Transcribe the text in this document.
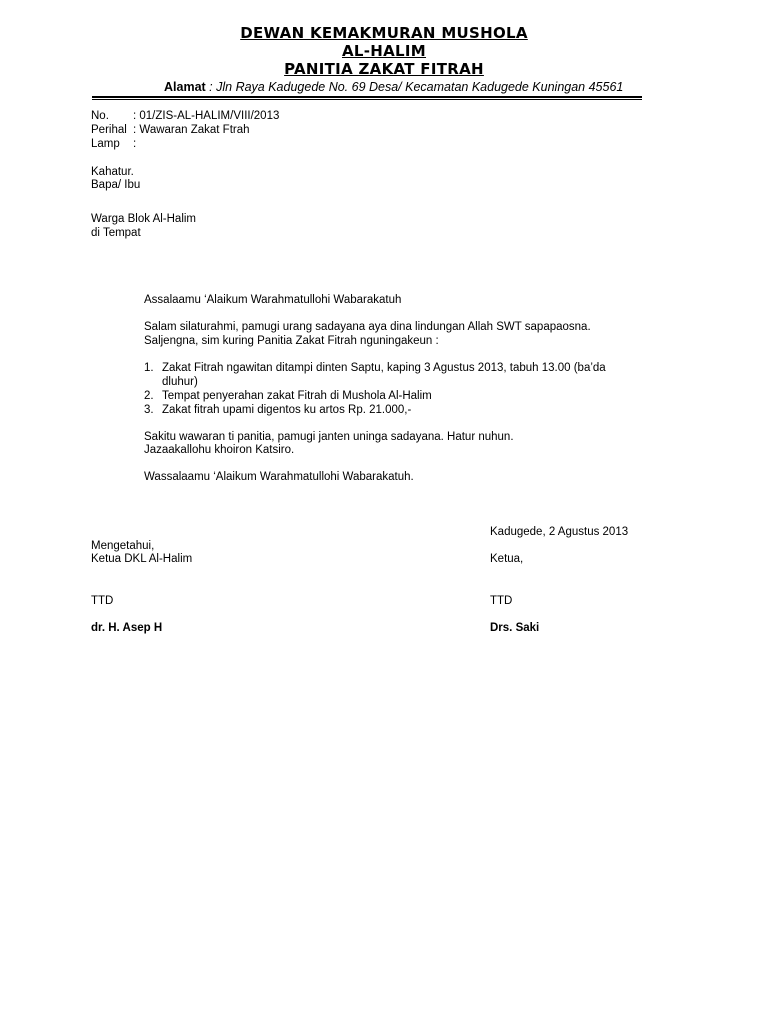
DEWAN KEMAKMURAN MUSHOLA
AL-HALIM
PANITIA ZAKAT FITRAH
Alamat : Jln Raya Kadugede No. 69 Desa/ Kecamatan Kadugede Kuningan 45561
No. : 01/ZIS-AL-HALIM/VIII/2013
Perihal : Wawaran Zakat Ftrah
Lamp :
Kahatur.
Bapa/ Ibu
Warga Blok Al-Halim
di Tempat
Assalaamu ‘Alaikum Warahmatullohi Wabarakatuh
Salam silaturahmi, pamugi urang sadayana aya dina lindungan Allah SWT sapapaosna.
Saljengna, sim kuring Panitia Zakat Fitrah nguningakeun :
1. Zakat Fitrah ngawitan ditampi dinten Saptu, kaping 3 Agustus 2013, tabuh 13.00 (ba’da
dluhur)
2. Tempat penyerahan zakat Fitrah di Mushola Al-Halim
3. Zakat fitrah upami digentos ku artos Rp. 21.000,-
Sakitu wawaran ti panitia, pamugi janten uninga sadayana. Hatur nuhun.
Jazaakallohu khoiron Katsiro.
Wassalaamu ‘Alaikum Warahmatullohi Wabarakatuh.
Kadugede, 2 Agustus 2013
Mengetahui,
Ketua DKL Al-Halim	Ketua,
TTD	TTD
dr. H. Asep H	Drs. Saki
